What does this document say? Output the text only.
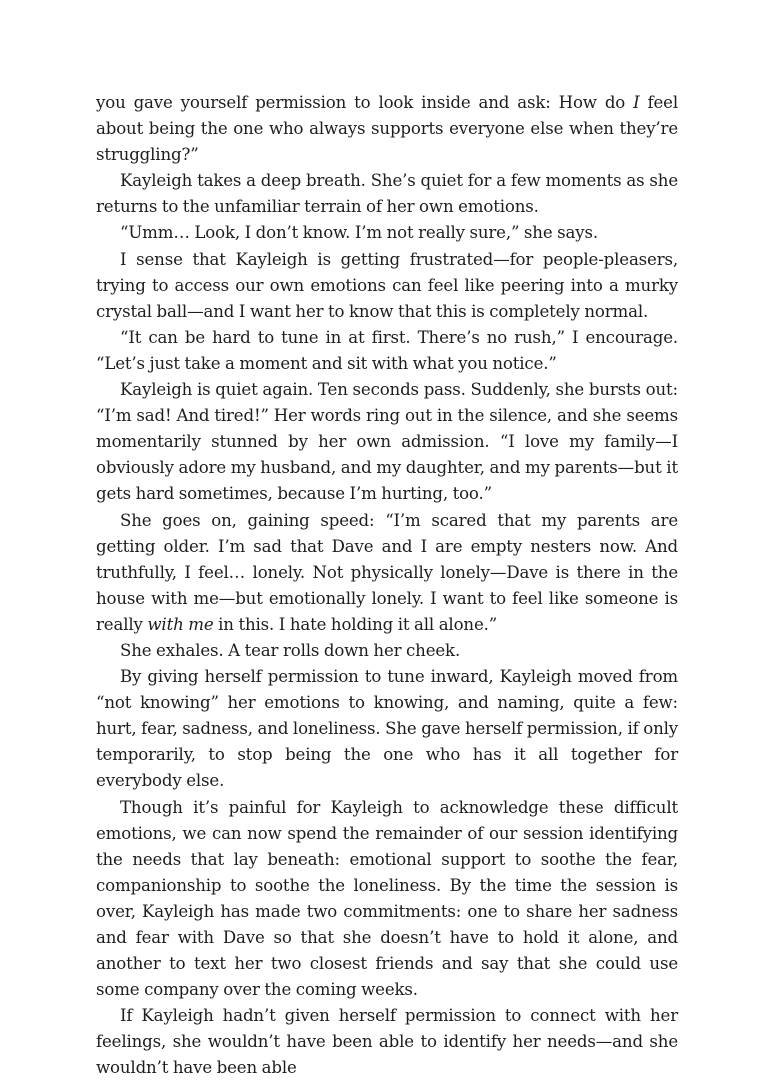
you gave yourself permission to look inside and ask: How do I feel about being the one who always supports everyone else when they’re struggling?”

Kayleigh takes a deep breath. She’s quiet for a few moments as she returns to the unfamiliar terrain of her own emotions.

“Umm… Look, I don’t know. I’m not really sure,” she says.

I sense that Kayleigh is getting frustrated—for people-pleasers, trying to access our own emotions can feel like peering into a murky crystal ball—and I want her to know that this is completely normal.

“It can be hard to tune in at first. There’s no rush,” I encourage. “Let’s just take a moment and sit with what you notice.”

Kayleigh is quiet again. Ten seconds pass. Suddenly, she bursts out: “I’m sad! And tired!” Her words ring out in the silence, and she seems momentarily stunned by her own admission. “I love my family—I obviously adore my husband, and my daughter, and my parents—but it gets hard sometimes, because I’m hurting, too.”

She goes on, gaining speed: “I’m scared that my parents are getting older. I’m sad that Dave and I are empty nesters now. And truthfully, I feel… lonely. Not physically lonely—Dave is there in the house with me—but emotionally lonely. I want to feel like someone is really with me in this. I hate holding it all alone.”

She exhales. A tear rolls down her cheek.

By giving herself permission to tune inward, Kayleigh moved from “not knowing” her emotions to knowing, and naming, quite a few: hurt, fear, sadness, and loneliness. She gave herself permission, if only temporarily, to stop being the one who has it all together for everybody else.

Though it’s painful for Kayleigh to acknowledge these difficult emotions, we can now spend the remainder of our session identifying the needs that lay beneath: emotional support to soothe the fear, companionship to soothe the loneliness. By the time the session is over, Kayleigh has made two commitments: one to share her sadness and fear with Dave so that she doesn’t have to hold it alone, and another to text her two closest friends and say that she could use some company over the coming weeks.

If Kayleigh hadn’t given herself permission to connect with her feelings, she wouldn’t have been able to identify her needs—and she wouldn’t have been able
